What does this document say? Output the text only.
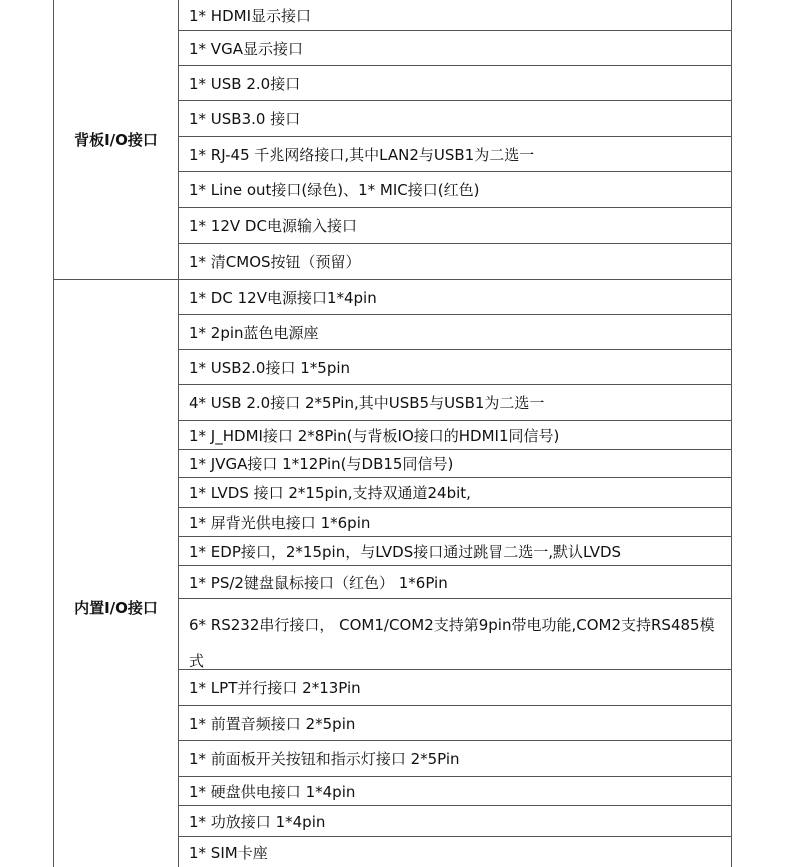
背板I/O接口
内置I/O接口
1* HDMI显示接口
1* VGA显示接口
1* USB 2.0接口
1* USB3.0 接口
1* RJ-45 千兆网络接口,其中LAN2与USB1为二选一
1* Line out接口(绿色)、1* MIC接口(红色)
1* 12V DC电源输入接口
1* 清CMOS按钮（预留）
1* DC 12V电源接口1*4pin
1* 2pin蓝色电源座
1* USB2.0接口 1*5pin
4* USB 2.0接口 2*5Pin,其中USB5与USB1为二选一
1* J_HDMI接口 2*8Pin(与背板IO接口的HDMI1同信号)
1* JVGA接口 1*12Pin(与DB15同信号)
1* LVDS 接口 2*15pin,支持双通道24bit,
1* 屏背光供电接口 1*6pin
1* EDP接口，2*15pin，与LVDS接口通过跳冒二选一,默认LVDS
1* PS/2键盘鼠标接口（红色） 1*6Pin
6* RS232串行接口， COM1/COM2支持第9pin带电功能,COM2支持RS485模式
1* LPT并行接口 2*13Pin
1* 前置音频接口 2*5pin
1* 前面板开关按钮和指示灯接口 2*5Pin
1* 硬盘供电接口 1*4pin
1* 功放接口 1*4pin
1* SIM卡座
